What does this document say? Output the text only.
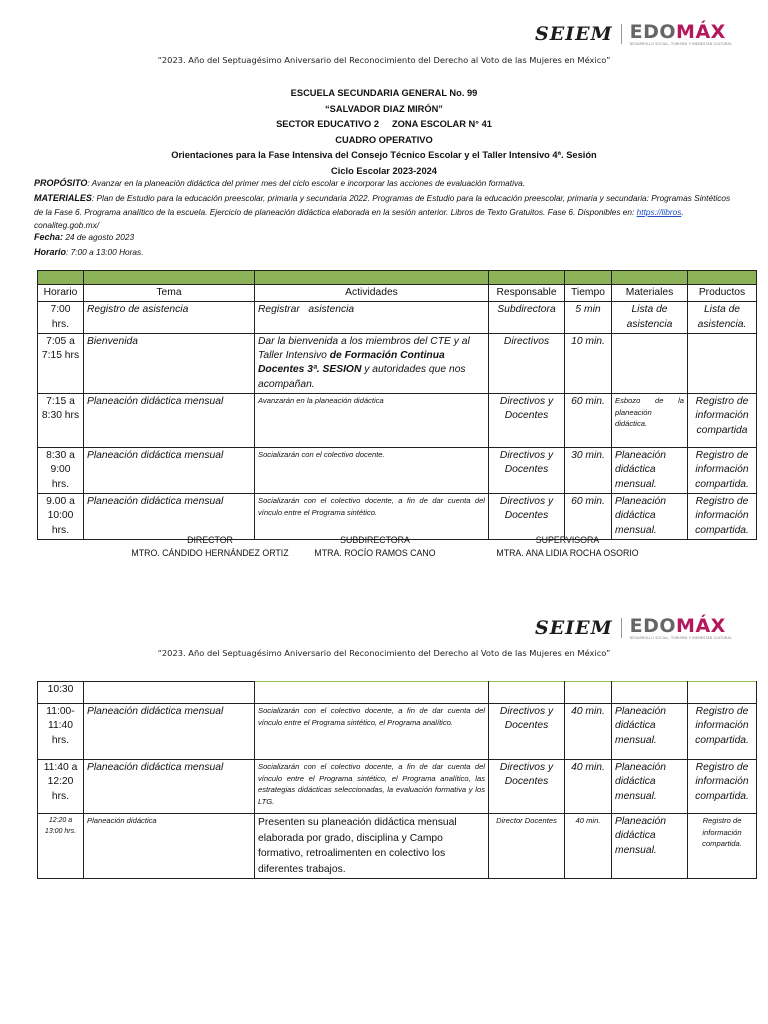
SEIEM EDOMÁX
DESARROLLO SOCIAL, TURISMO Y BIENESTAR CULTURAL
“2023. Año del Septuagésimo Aniversario del Reconocimiento del Derecho al Voto de las Mujeres en México”
ESCUELA SECUNDARIA GENERAL No. 99
“SALVADOR DIAZ MIRÓN”
SECTOR EDUCATIVO 2     ZONA ESCOLAR N° 41
CUADRO OPERATIVO
Orientaciones para la Fase Intensiva del Consejo Técnico Escolar y el Taller Intensivo 4ª. Sesión
Ciclo Escolar 2023-2024
PROPÓSITO: Avanzar en la planeación didáctica del primer mes del ciclo escolar e incorporar las acciones de evaluación formativa.
MATERIALES: Plan de Estudio para la educación preescolar, primaria y secundaria 2022. Programas de Estudio para la educación preescolar, primaria y secundaria: Programas Sintéticos de la Fase 6. Programa analítico de la escuela. Ejercicio de planeación didáctica elaborada en la sesión anterior. Libros de Texto Gratuitos. Fase 6. Disponibles en: https://libros. conaliteg.gob.mx/
Fecha: 24 de agosto 2023
Horario: 7:00 a 13:00 Horas.

Horario	Tema	Actividades	Responsable	Tiempo	Materiales	Productos
7:00 hrs.	Registro de asistencia	Registrar   asistencia	Subdirectora	5 min	Lista de asistencia	Lista de asistencia.
7:05 a 7:15 hrs	Bienvenida	Dar la bienvenida a los miembros del CTE y al Taller Intensivo de Formación Continua Docentes 3ª. SESION y autoridades que nos acompañan.	Directivos	10 min.		
7:15 a 8:30 hrs	Planeación didáctica mensual	Avanzarán en la planeación didáctica	Directivos y Docentes	60 min.	Esbozo de la planeación didáctica.	Registro de información compartida
8:30 a 9:00 hrs.	Planeación didáctica mensual	Socializarán con el colectivo docente.	Directivos y Docentes	30 min.	Planeación didáctica mensual.	Registro de información compartida.
9.00 a 10:00 hrs.	Planeación didáctica mensual	Socializarán con el colectivo docente, a fin de dar cuenta del vínculo entre el Programa sintético.	Directivos y Docentes	60 min.	Planeación didáctica mensual.	Registro de información compartida.
DIRECTOR
MTRO. CÁNDIDO HERNÁNDEZ ORTIZ
SUBDIRECTORA
MTRA. ROCÍO RAMOS CANO
SUPERVISORA
MTRA. ANA LIDIA ROCHA OSORIO
SEIEM EDOMÁX
DESARROLLO SOCIAL, TURISMO Y BIENESTAR CULTURAL
“2023. Año del Septuagésimo Aniversario del Reconocimiento del Derecho al Voto de las Mujeres en México”
10:30						
11:00-11:40 hrs.	Planeación didáctica mensual	Socializarán con el colectivo docente, a fin de dar cuenta del vínculo entre el Programa sintético, el Programa analítico.	Directivos y Docentes	40 min.	Planeación didáctica mensual.	Registro de información compartida.
11:40 a 12:20 hrs.	Planeación didáctica mensual	Socializarán con el colectivo docente, a fin de dar cuenta del vínculo entre el Programa sintético, el Programa analítico, las estrategias didácticas seleccionadas, la evaluación formativa y los LTG.	Directivos y Docentes	40 min.	Planeación didáctica mensual.	Registro de información compartida.
12:20 a 13:00 hrs.	Planeación didáctica	Presenten su planeación didáctica mensual elaborada por grado, disciplina y Campo formativo, retroalimenten en colectivo los diferentes trabajos.	Director Docentes	40 min.	Planeación didáctica mensual.	Registro de información compartida.
